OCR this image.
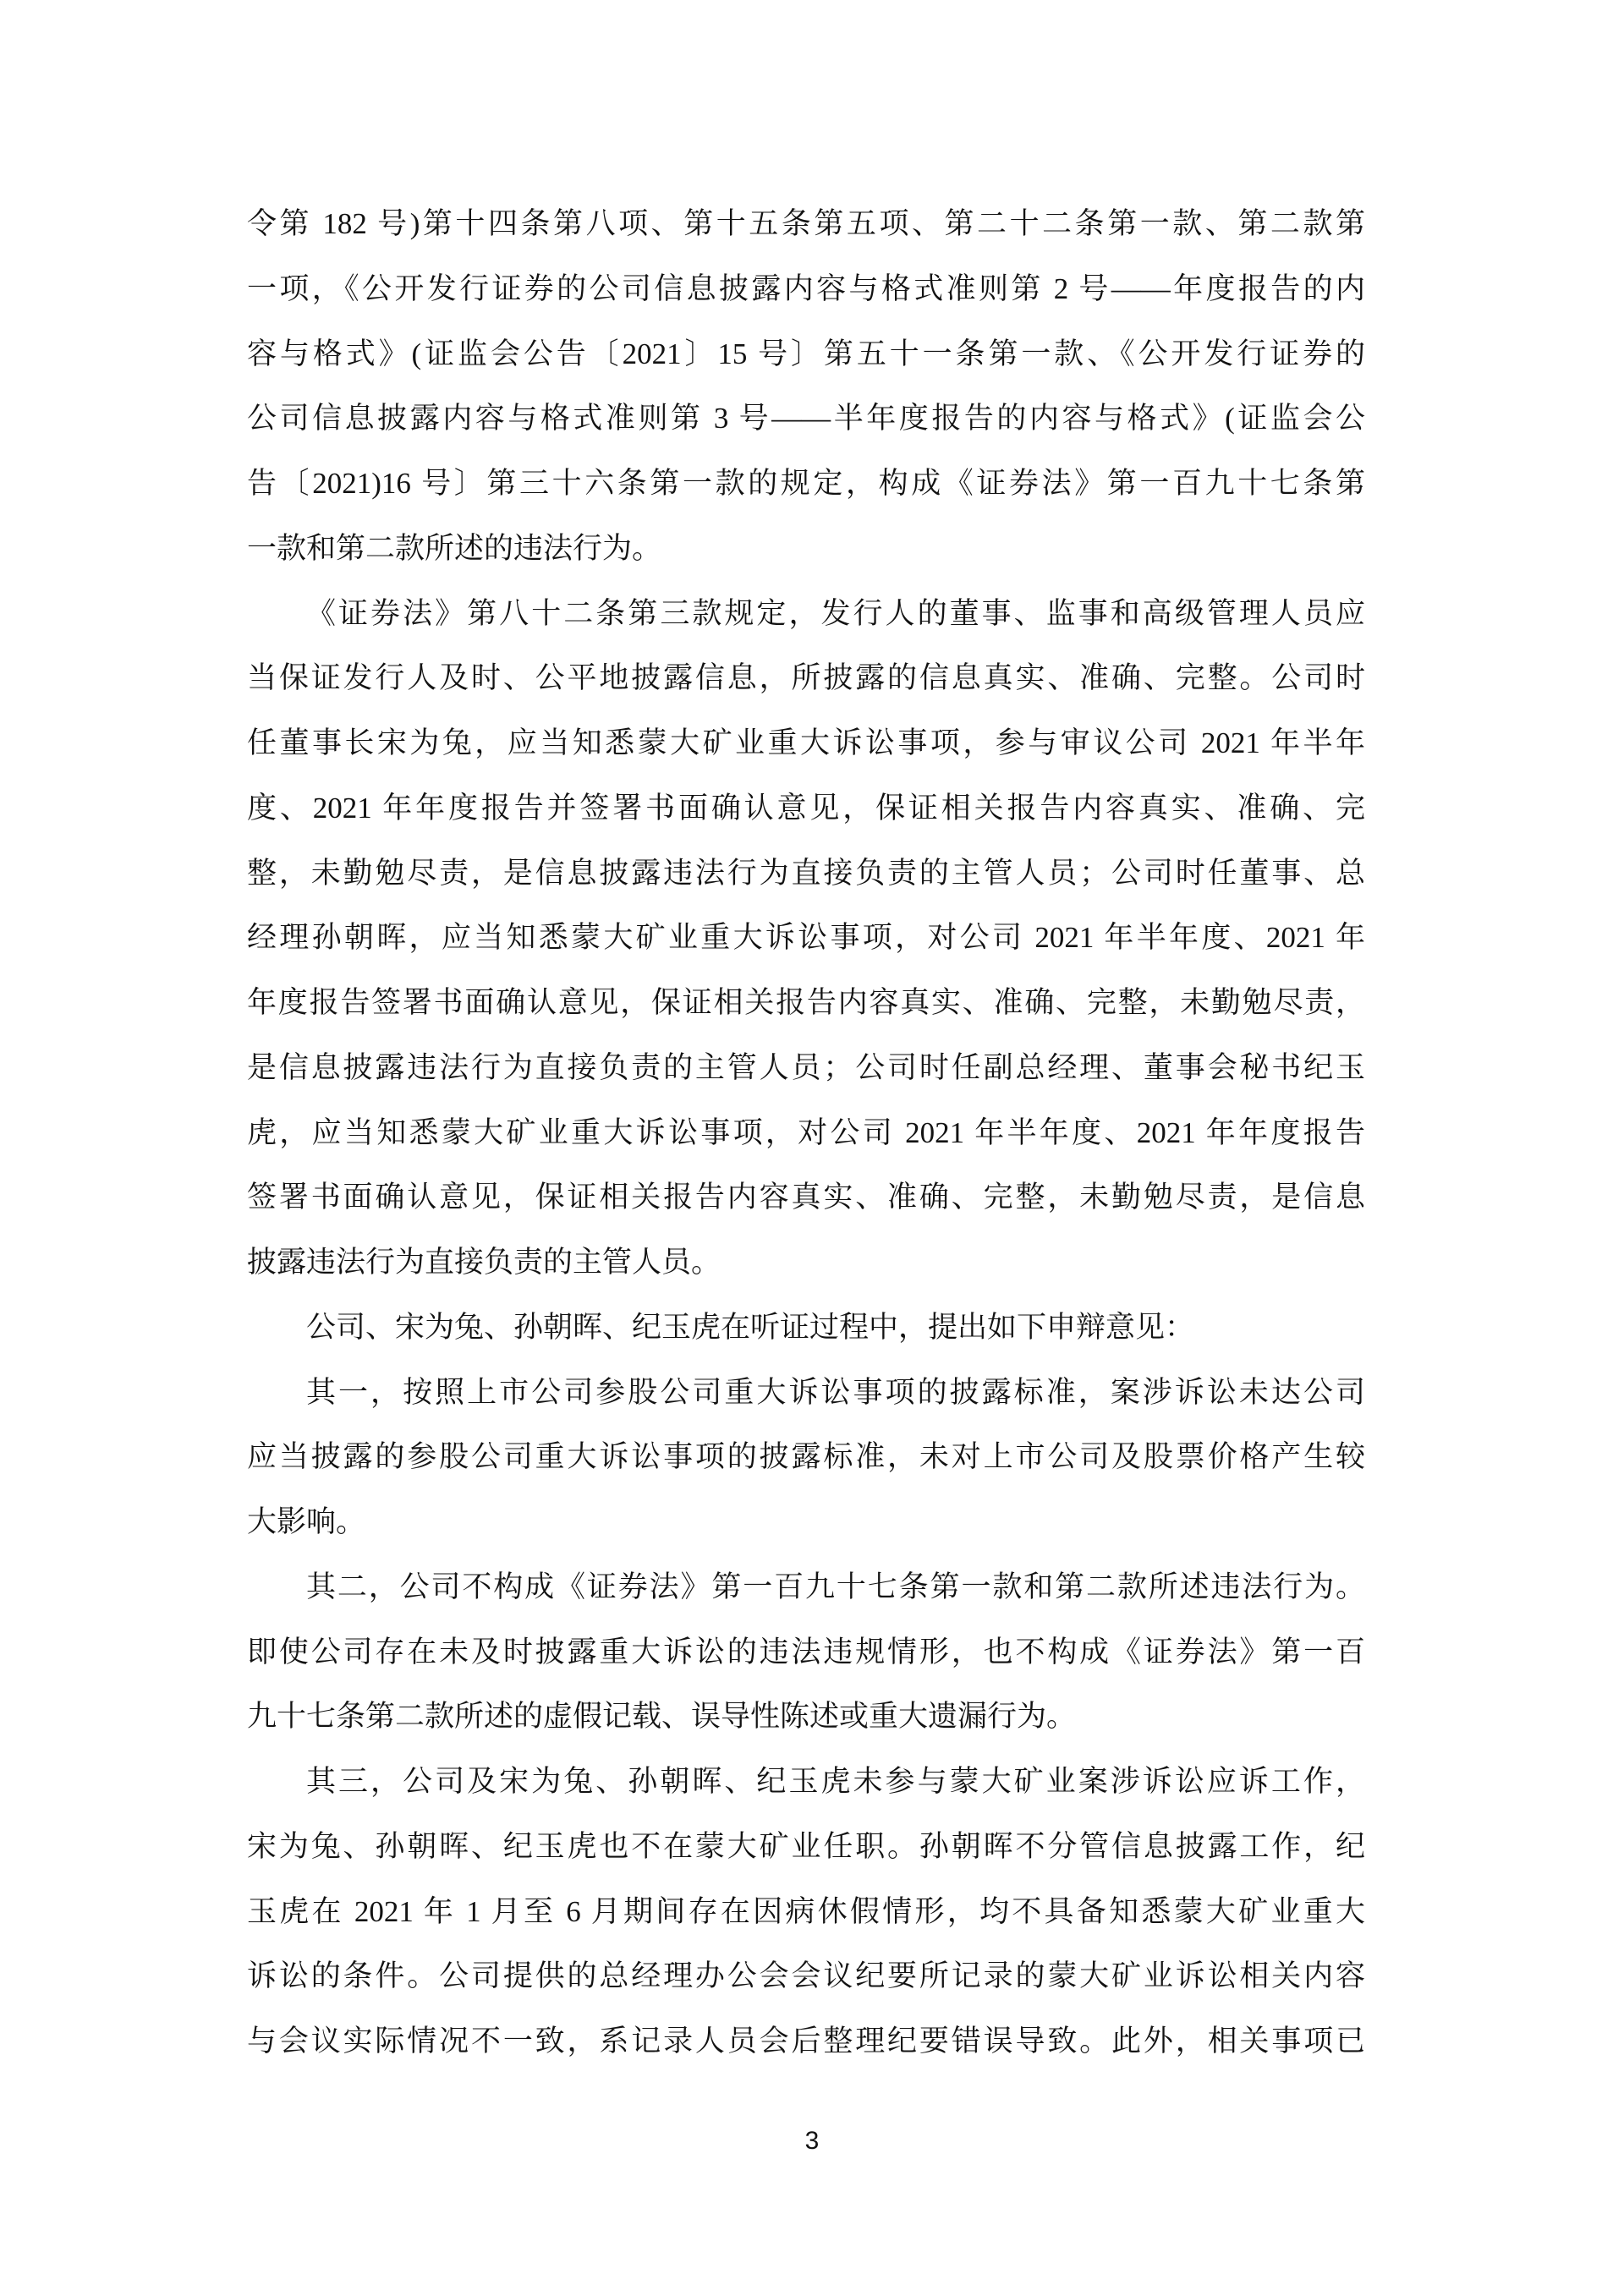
令第 182 号)第十四条第八项、第十五条第五项、第二十二条第一款、第二款第
一项，《公开发行证券的公司信息披露内容与格式准则第 2 号——年度报告的内
容与格式》(证监会公告〔2021〕15 号〕第五十一条第一款、《公开发行证券的
公司信息披露内容与格式准则第 3 号——半年度报告的内容与格式》(证监会公
告〔2021)16 号〕第三十六条第一款的规定，构成《证券法》第一百九十七条第
一款和第二款所述的违法行为。
《证券法》第八十二条第三款规定，发行人的董事、监事和高级管理人员应
当保证发行人及时、公平地披露信息，所披露的信息真实、准确、完整。公司时
任董事长宋为兔，应当知悉蒙大矿业重大诉讼事项，参与审议公司 2021 年半年
度、2021 年年度报告并签署书面确认意见，保证相关报告内容真实、准确、完
整，未勤勉尽责，是信息披露违法行为直接负责的主管人员；公司时任董事、总
经理孙朝晖，应当知悉蒙大矿业重大诉讼事项，对公司 2021 年半年度、2021 年
年度报告签署书面确认意见，保证相关报告内容真实、准确、完整，未勤勉尽责，
是信息披露违法行为直接负责的主管人员；公司时任副总经理、董事会秘书纪玉
虎，应当知悉蒙大矿业重大诉讼事项，对公司 2021 年半年度、2021 年年度报告
签署书面确认意见，保证相关报告内容真实、准确、完整，未勤勉尽责，是信息
披露违法行为直接负责的主管人员。
公司、宋为兔、孙朝晖、纪玉虎在听证过程中，提出如下申辩意见：
其一，按照上市公司参股公司重大诉讼事项的披露标准，案涉诉讼未达公司
应当披露的参股公司重大诉讼事项的披露标准，未对上市公司及股票价格产生较
大影响。
其二，公司不构成《证券法》第一百九十七条第一款和第二款所述违法行为。
即使公司存在未及时披露重大诉讼的违法违规情形，也不构成《证券法》第一百
九十七条第二款所述的虚假记载、误导性陈述或重大遗漏行为。
其三，公司及宋为兔、孙朝晖、纪玉虎未参与蒙大矿业案涉诉讼应诉工作，
宋为兔、孙朝晖、纪玉虎也不在蒙大矿业任职。孙朝晖不分管信息披露工作，纪
玉虎在 2021 年 1 月至 6 月期间存在因病休假情形，均不具备知悉蒙大矿业重大
诉讼的条件。公司提供的总经理办公会会议纪要所记录的蒙大矿业诉讼相关内容
与会议实际情况不一致，系记录人员会后整理纪要错误导致。此外，相关事项已
3
